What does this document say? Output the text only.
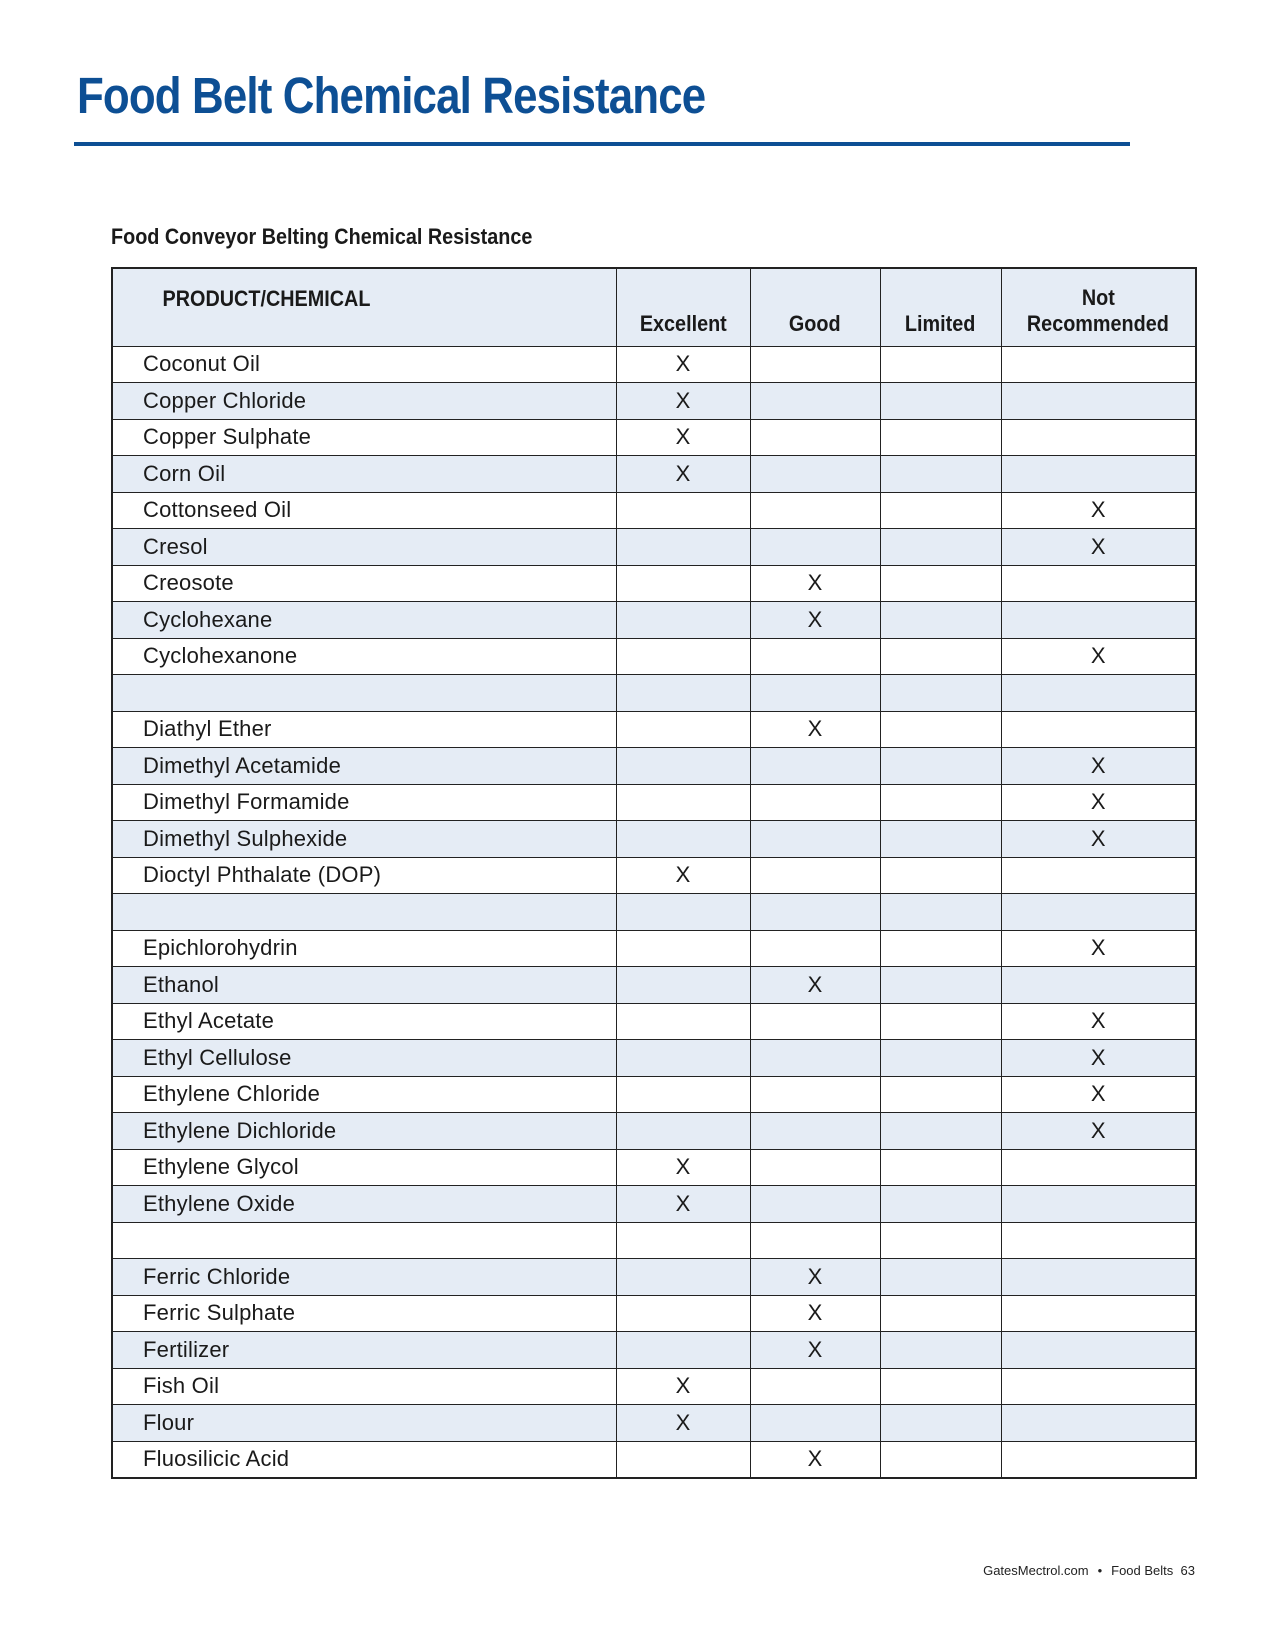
Food Belt Chemical Resistance
Food Conveyor Belting Chemical Resistance
PRODUCT/CHEMICAL	Excellent	Good	Limited	Not
Recommended
Coconut Oil	X			
Copper Chloride	X			
Copper Sulphate	X			
Corn Oil	X			
Cottonseed Oil				X
Cresol				X
Creosote		X		
Cyclohexane		X		
Cyclohexanone				X

Diathyl Ether		X		
Dimethyl Acetamide				X
Dimethyl Formamide				X
Dimethyl Sulphexide				X
Dioctyl Phthalate (DOP)	X			

Epichlorohydrin				X
Ethanol		X		
Ethyl Acetate				X
Ethyl Cellulose				X
Ethylene Chloride				X
Ethylene Dichloride				X
Ethylene Glycol	X			
Ethylene Oxide	X			

Ferric Chloride		X		
Ferric Sulphate		X		
Fertilizer		X		
Fish Oil	X			
Flour	X			
Fluosilicic Acid		X		
GatesMectrol.com • Food Belts 63
